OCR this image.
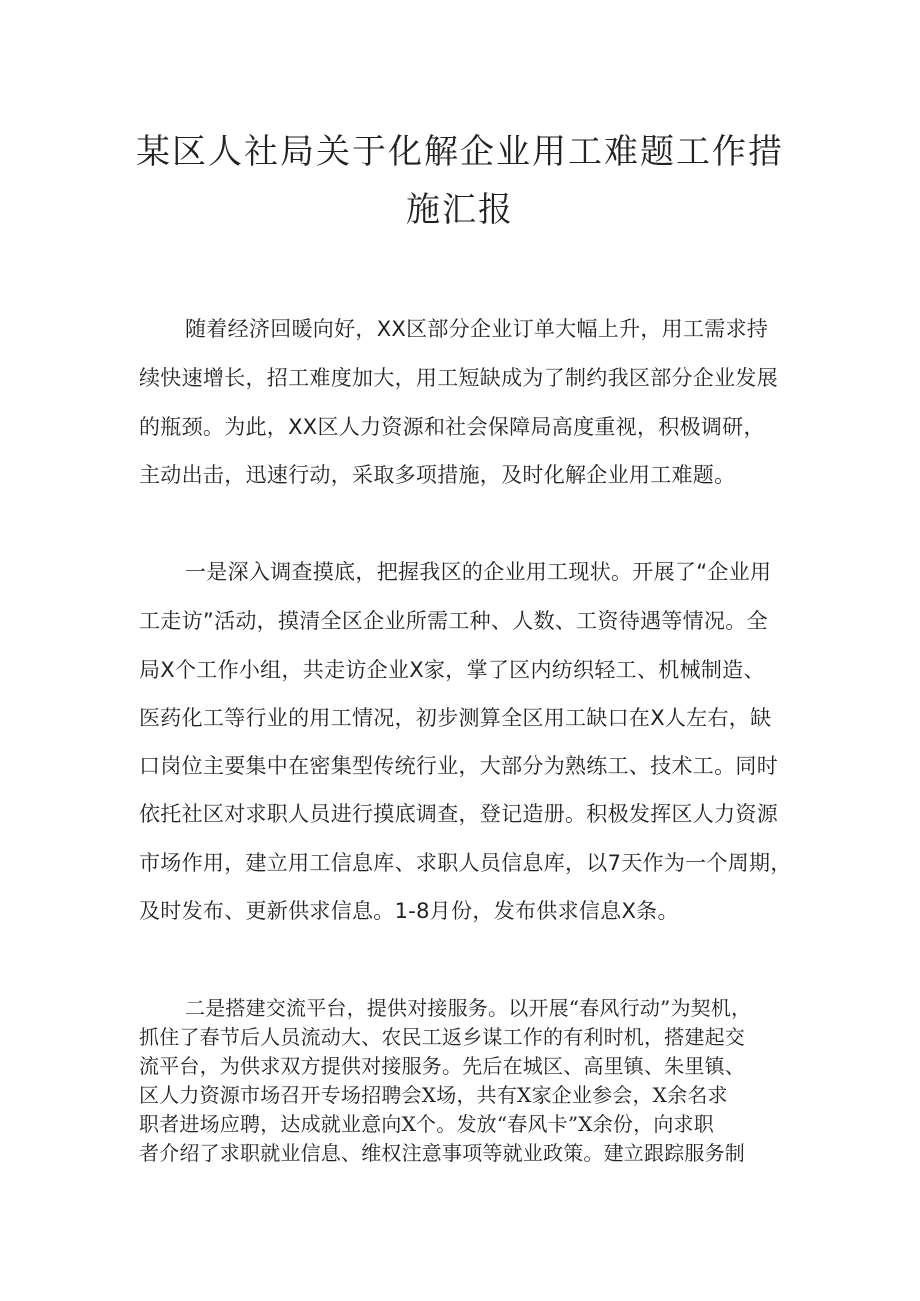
某区人社局关于化解企业用工难题工作措
施汇报
随着经济回暖向好，XX区部分企业订单大幅上升，用工需求持
续快速增长，招工难度加大，用工短缺成为了制约我区部分企业发展
的瓶颈。为此，XX区人力资源和社会保障局高度重视，积极调研，
主动出击，迅速行动，采取多项措施，及时化解企业用工难题。
一是深入调查摸底，把握我区的企业用工现状。开展了“企业用
工走访”活动，摸清全区企业所需工种、人数、工资待遇等情况。全
局X个工作小组，共走访企业X家，掌了区内纺织轻工、机械制造、
医药化工等行业的用工情况，初步测算全区用工缺口在X人左右，缺
口岗位主要集中在密集型传统行业，大部分为熟练工、技术工。同时
依托社区对求职人员进行摸底调查，登记造册。积极发挥区人力资源
市场作用，建立用工信息库、求职人员信息库，以7天作为一个周期，
及时发布、更新供求信息。1-8月份，发布供求信息X条。
二是搭建交流平台，提供对接服务。以开展“春风行动”为契机，
抓住了春节后人员流动大、农民工返乡谋工作的有利时机，搭建起交
流平台，为供求双方提供对接服务。先后在城区、高里镇、朱里镇、
区人力资源市场召开专场招聘会X场，共有X家企业参会，X余名求
职者进场应聘，达成就业意向X个。发放“春风卡”X余份，向求职
者介绍了求职就业信息、维权注意事项等就业政策。建立跟踪服务制
